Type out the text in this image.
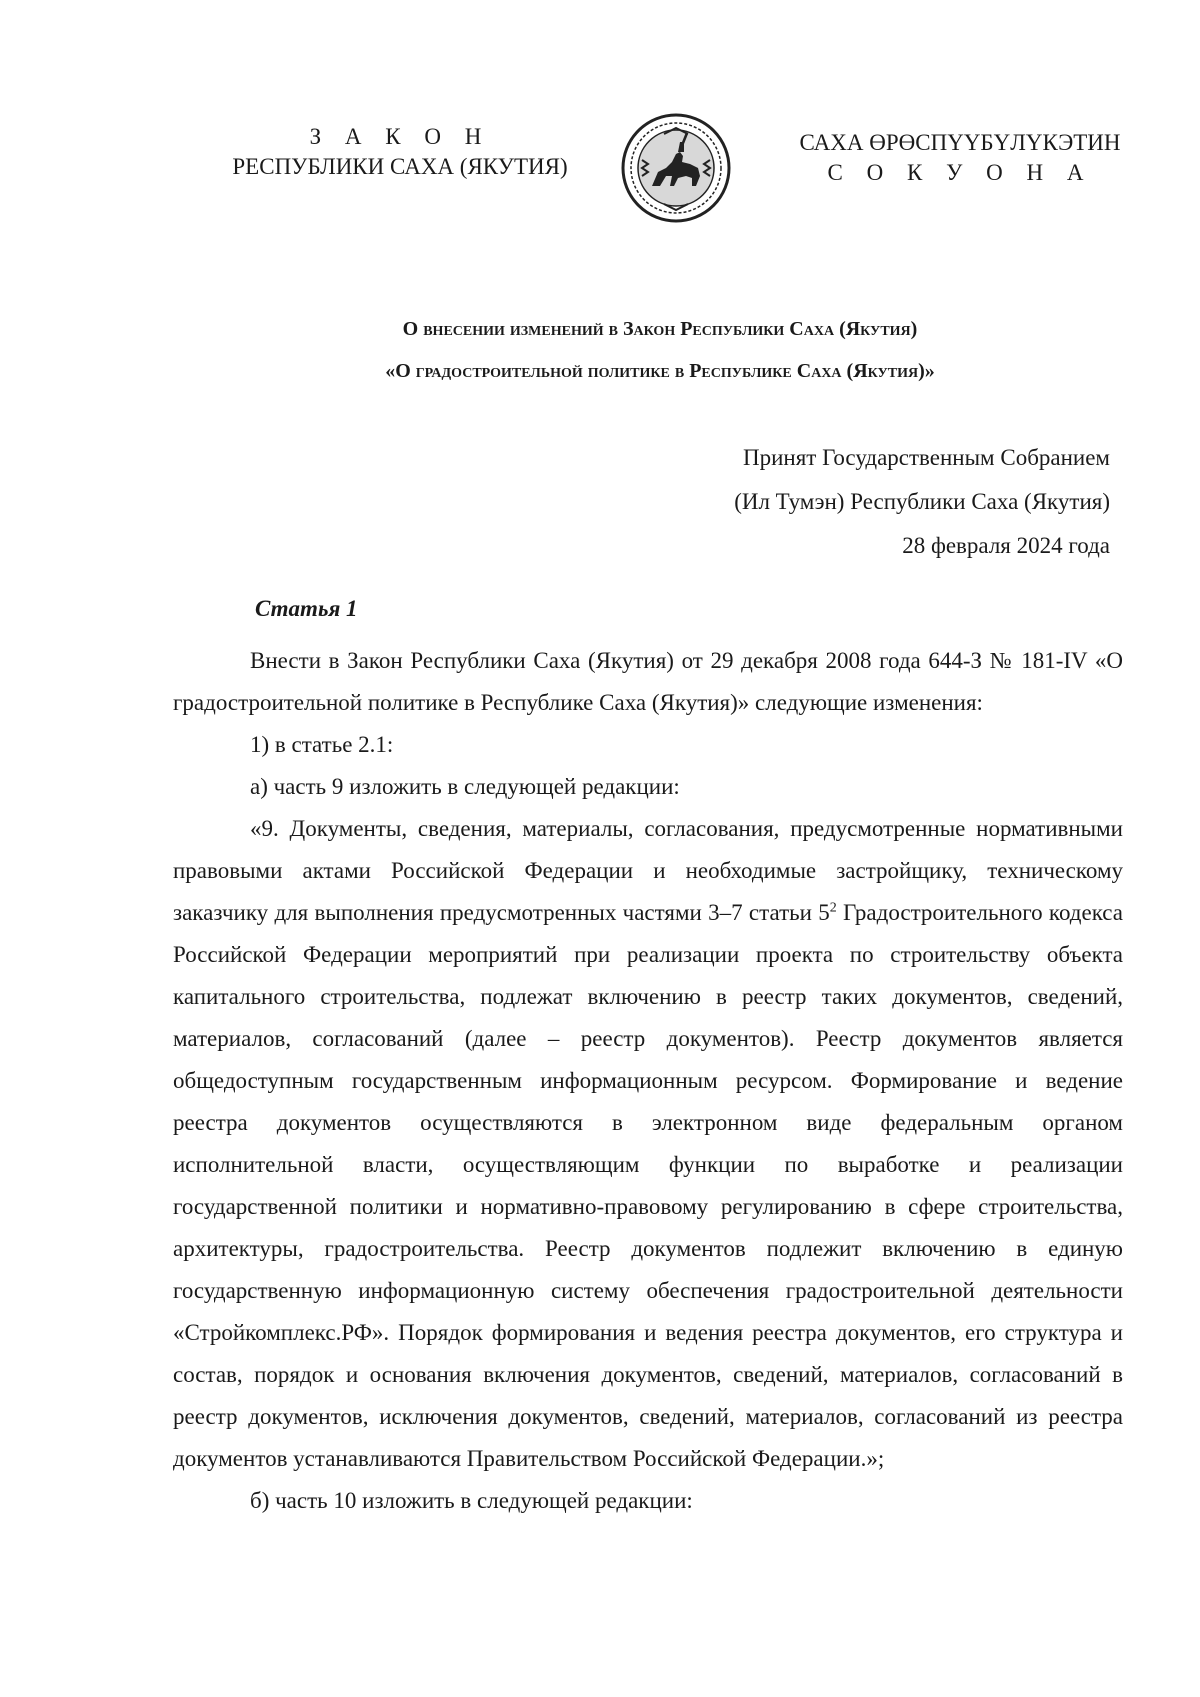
З А К О Н
РЕСПУБЛИКИ САХА (ЯКУТИЯ)
САХА ӨРӨСПҮҮБҮЛҮКЭТИН
С О К У О Н А
О внесении изменений в Закон Республики Саха (Якутия)
«О градостроительной политике в Республике Саха (Якутия)»
Принят Государственным Собранием
(Ил Тумэн) Республики Саха (Якутия)
28 февраля 2024 года
Статья 1

Внести в Закон Республики Саха (Якутия) от 29 декабря 2008 года 644-З № 181-IV «О градостроительной политике в Республике Саха (Якутия)» следующие изменения:

1) в статье 2.1:

а) часть 9 изложить в следующей редакции:

«9. Документы, сведения, материалы, согласования, предусмотренные нормативными правовыми актами Российской Федерации и необходимые застройщику, техническому заказчику для выполнения предусмотренных частями 3–7 статьи $5^2$ Градостроительного кодекса Российской Федерации мероприятий при реализации проекта по строительству объекта капитального строительства, подлежат включению в реестр таких документов, сведений, материалов, согласований (далее – реестр документов). Реестр документов является общедоступным государственным информационным ресурсом. Формирование и ведение реестра документов осуществляются в электронном виде федеральным органом исполнительной власти, осуществляющим функции по выработке и реализации государственной политики и нормативно-правовому регулированию в сфере строительства, архитектуры, градостроительства. Реестр документов подлежит включению в единую государственную информационную систему обеспечения градостроительной деятельности «Стройкомплекс.РФ». Порядок формирования и ведения реестра документов, его структура и состав, порядок и основания включения документов, сведений, материалов, согласований в реестр документов, исключения документов, сведений, материалов, согласований из реестра документов устанавливаются Правительством Российской Федерации.»;

б) часть 10 изложить в следующей редакции:
